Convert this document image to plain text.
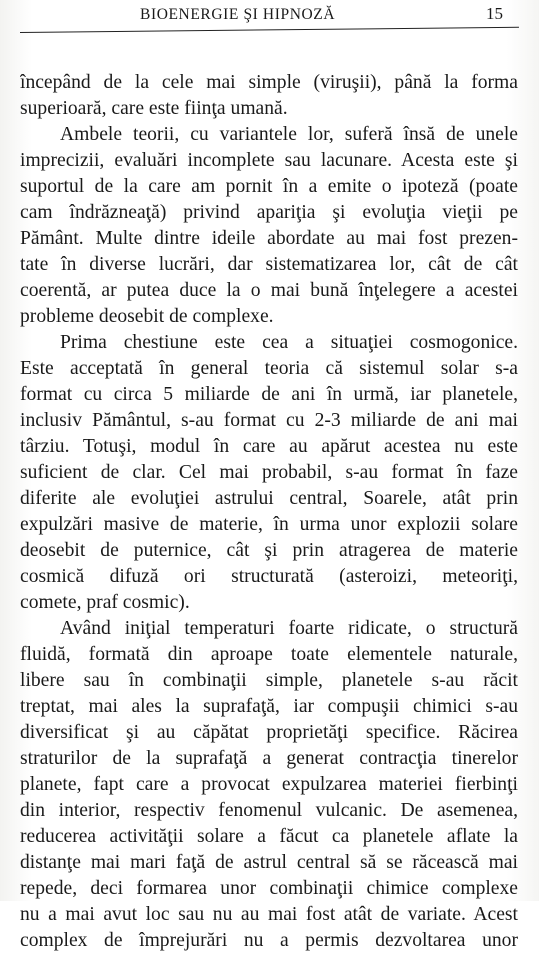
BIOENERGIE ŞI HIPNOZĂ	15
începând de la cele mai simple (viruşii), până la forma
superioară, care este fiinţa umană.
Ambele teorii, cu variantele lor, suferă însă de unele
imprecizii, evaluări incomplete sau lacunare. Acesta este şi
suportul de la care am pornit în a emite o ipoteză (poate
cam îndrăzneaţă) privind apariţia şi evoluţia vieţii pe
Pământ. Multe dintre ideile abordate au mai fost prezen-
tate în diverse lucrări, dar sistematizarea lor, cât de cât
coerentă, ar putea duce la o mai bună înţelegere a acestei
probleme deosebit de complexe.
Prima chestiune este cea a situaţiei cosmogonice.
Este acceptată în general teoria că sistemul solar s-a
format cu circa 5 miliarde de ani în urmă, iar planetele,
inclusiv Pământul, s-au format cu 2-3 miliarde de ani mai
târziu. Totuşi, modul în care au apărut acestea nu este
suficient de clar. Cel mai probabil, s-au format în faze
diferite ale evoluţiei astrului central, Soarele, atât prin
expulzări masive de materie, în urma unor explozii solare
deosebit de puternice, cât şi prin atragerea de materie
cosmică difuză ori structurată (asteroizi, meteoriţi,
comete, praf cosmic).
Având iniţial temperaturi foarte ridicate, o structură
fluidă, formată din aproape toate elementele naturale,
libere sau în combinaţii simple, planetele s-au răcit
treptat, mai ales la suprafaţă, iar compuşii chimici s-au
diversificat şi au căpătat proprietăţi specifice. Răcirea
straturilor de la suprafaţă a generat contracţia tinerelor
planete, fapt care a provocat expulzarea materiei fierbinţi
din interior, respectiv fenomenul vulcanic. De asemenea,
reducerea activităţii solare a făcut ca planetele aflate la
distanţe mai mari faţă de astrul central să se răcească mai
repede, deci formarea unor combinaţii chimice complexe
nu a mai avut loc sau nu au mai fost atât de variate. Acest
complex de împrejurări nu a permis dezvoltarea unor
